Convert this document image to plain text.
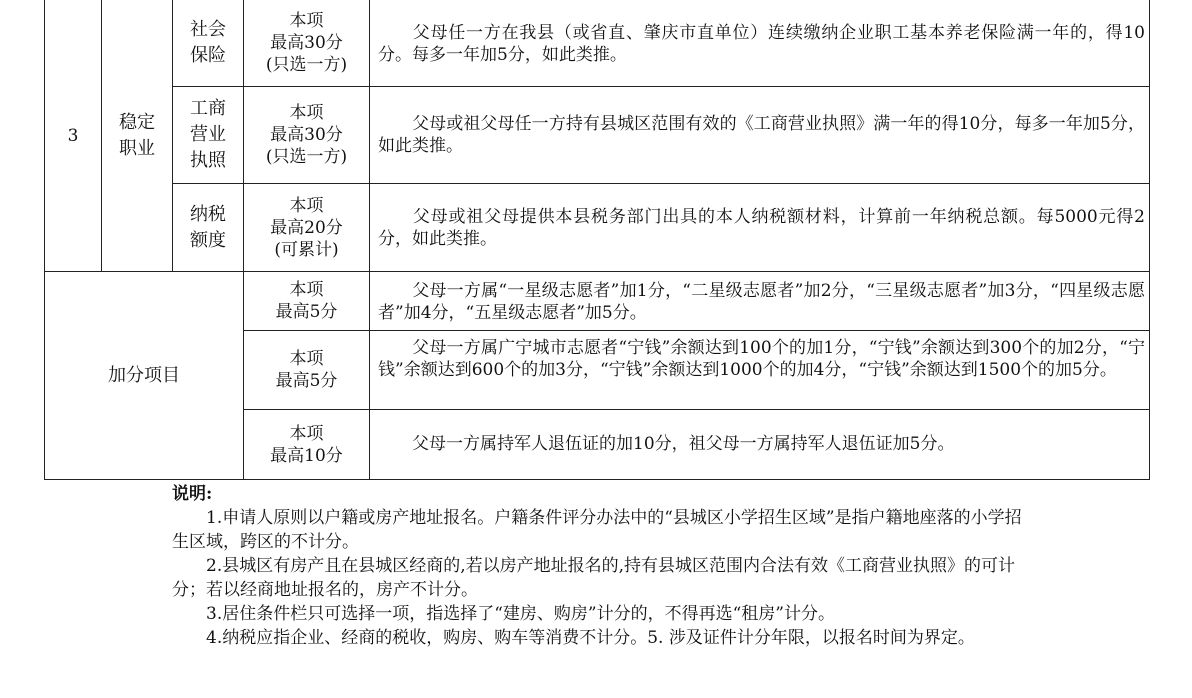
3
稳定职业
社会保险
本项
最高30分
(只选一方)
父母任一方在我县（或省直、肇庆市直单位）连续缴纳企业职工基本养老保险满一年的，得10分。每多一年加5分，如此类推。
工商营业执照
本项
最高30分
(只选一方)
父母或祖父母任一方持有县城区范围有效的《工商营业执照》满一年的得10分，每多一年加5分，如此类推。
纳税额度
本项
最高20分
(可累计)
父母或祖父母提供本县税务部门出具的本人纳税额材料，计算前一年纳税总额。每5000元得2分，如此类推。
加分项目
本项
最高5分
父母一方属“一星级志愿者”加1分，“二星级志愿者”加2分，“三星级志愿者”加3分，“四星级志愿者”加4分，“五星级志愿者”加5分。
本项
最高5分
父母一方属广宁城市志愿者“宁钱”余额达到100个的加1分，“宁钱”余额达到300个的加2分，“宁钱”余额达到600个的加3分，“宁钱”余额达到1000个的加4分，“宁钱”余额达到1500个的加5分。
本项
最高10分
父母一方属持军人退伍证的加10分，祖父母一方属持军人退伍证加5分。
说明:
1.申请人原则以户籍或房产地址报名。户籍条件评分办法中的“县城区小学招生区域”是指户籍地座落的小学招生区域，跨区的不计分。
2.县城区有房产且在县城区经商的,若以房产地址报名的,持有县城区范围内合法有效《工商营业执照》的可计分；若以经商地址报名的，房产不计分。
3.居住条件栏只可选择一项，指选择了“建房、购房”计分的，不得再选“租房”计分。
4.纳税应指企业、经商的税收，购房、购车等消费不计分。5. 涉及证件计分年限，以报名时间为界定。
